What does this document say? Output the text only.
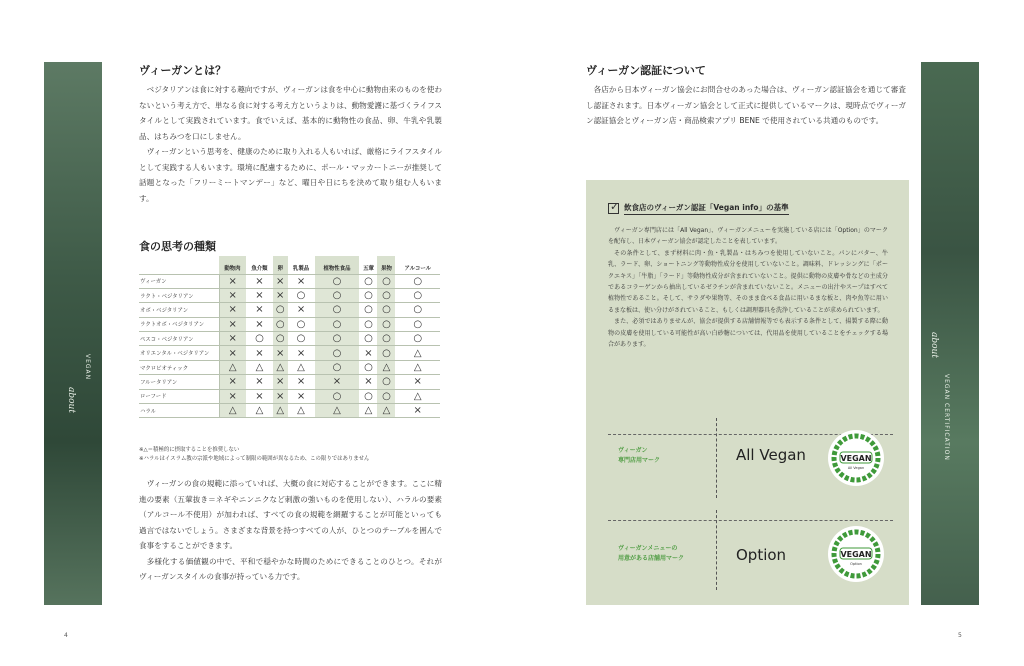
about
VEGAN
ヴィーガンとは？

ベジタリアンは食に対する趣向ですが、ヴィーガンは食を中心に動物由来のものを使わないという考え方で、単なる食に対する考え方というよりは、動物愛護に基づくライフスタイルとして実践されています。食でいえば、基本的に動物性の食品、卵、牛乳や乳製品、はちみつを口にしません。

ヴィーガンという思考を、健康のために取り入れる人もいれば、厳格にライフスタイルとして実践する人もいます。環境に配慮するために、ポール・マッカートニーが推奨して話題となった「フリーミートマンデー」など、曜日や日にちを決めて取り組む人もいます。

食の思考の種類
	動物肉	魚介類	卵	乳製品	植物性食品	五葷	果物	アルコール
ヴィーガン	×	×	×	×	○	○	○	○
ラクト・ベジタリアン	×	×	×	○	○	○	○	○
オボ・ベジタリアン	×	×	○	×	○	○	○	○
ラクトオボ・ベジタリアン	×	×	○	○	○	○	○	○
ペスコ・ベジタリアン	×	○	○	○	○	○	○	○
オリエンタル・ベジタリアン	×	×	×	×	○	×	○	△
マクロビオティック	△	△	△	△	○	○	△	△
フルータリアン	×	×	×	×	×	×	○	×
ローフード	×	×	×	×	○	○	○	△
ハラル	△	△	△	△	△	△	△	×

※△＝積極的に摂取することを推奨しない

※ハラルはイスラム教の宗派や地域によって制限の範囲が異なるため、この限りではありません

ヴィーガンの食の規範に添っていれば、大概の食に対応することができます。ここに精進の要素（五葷抜き＝ネギやニンニクなど刺激の強いものを使用しない）、ハラルの要素（アルコール不使用）が加われば、すべての食の規範を網羅することが可能といっても過言ではないでしょう。さまざまな背景を持つすべての人が、ひとつのテーブルを囲んで食事をすることができます。

多様化する価値観の中で、平和で穏やかな時間のためにできることのひとつ。それがヴィーガンスタイルの食事が持っている力です。

4
ヴィーガン認証について

各店から日本ヴィーガン協会にお問合せのあった場合は、ヴィーガン認証協会を通じて審査し認証されます。日本ヴィーガン協会として正式に提供しているマークは、現時点でヴィーガン認証協会とヴィーガン店・商品検索アプリ BENE で使用されている共通のものです。

✓ 飲食店のヴィーガン認証「Vegan info」の基準

ヴィーガン専門店には「All Vegan」、ヴィーガンメニューを実施している店には「Option」のマークを配布し、日本ヴィーガン協会が認定したことを表しています。

その条件として、まず材料に肉・魚・乳製品・はちみつを使用していないこと。パンにバター、牛乳、ラード、卵、ショートニング等動物性成分を使用していないこと。調味料、ドレッシングに「ポークエキス」「牛脂」「ラード」等動物性成分が含まれていないこと。提供に動物の皮膚や骨などの主成分であるコラーゲンから抽出しているゼラチンが含まれていないこと。メニューの出汁やスープはすべて植物性であること。そして、サラダや果物等、そのまま食べる食品に用いるまな板と、肉や魚等に用いるまな板は、使い分けがされていること、もしくは調理器具を洗浄していることが求められています。

また、必須ではありませんが、協会が提供する店舗情報等でも表示する条件として、揚製する際に動物の皮膚を使用している可能性が高い白砂糖については、代用品を使用していることをチェックする場合があります。

ヴィーガン
専門店用マーク	All Vegan	VEGAN
All Vegan
ヴィーガンメニューの
用意がある店舗用マーク	Option	VEGAN
Option
about
VEGAN CERTIFICATION
5
